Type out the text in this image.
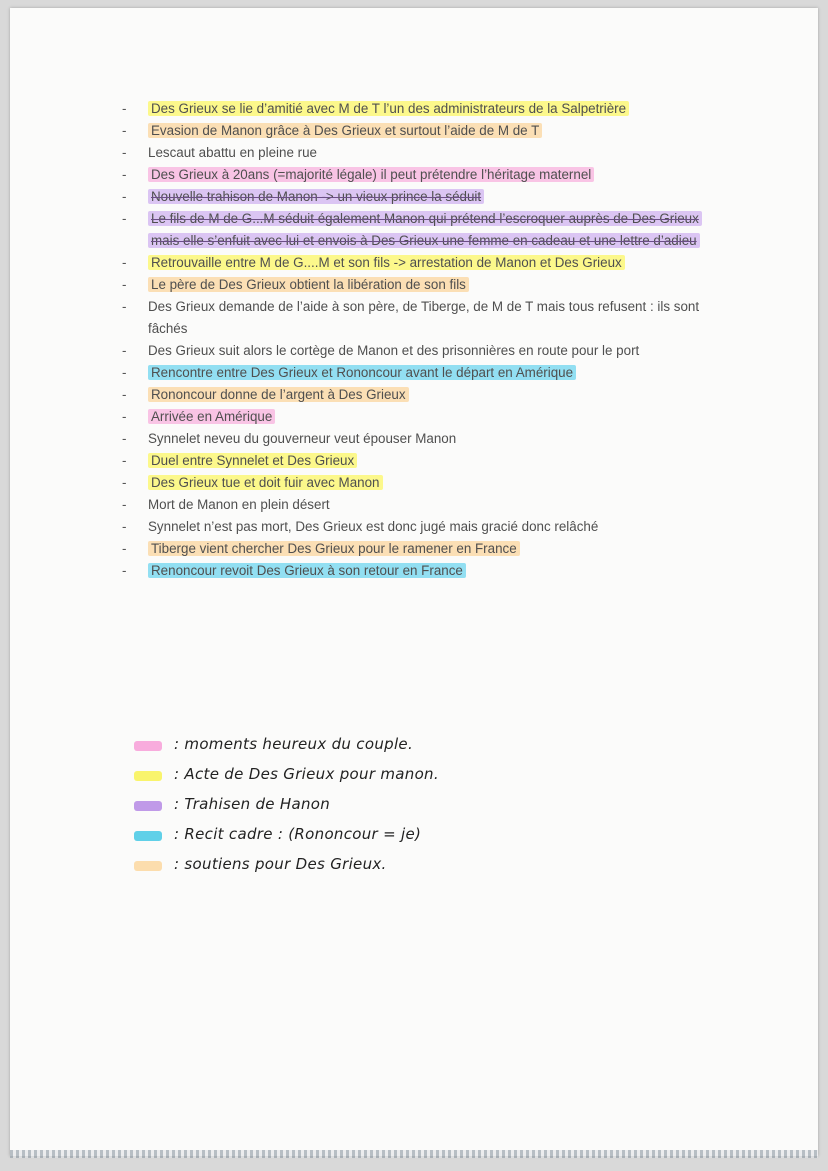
- Des Grieux se lie d’amitié avec M de T l’un des administrateurs de la Salpetrière
- Evasion de Manon grâce à Des Grieux et surtout l’aide de M de T
- Lescaut abattu en pleine rue
- Des Grieux à 20ans (=majorité légale) il peut prétendre l’héritage maternel
- Nouvelle trahison de Manon -> un vieux prince la séduit
- Le fils de M de G...M séduit également Manon qui prétend l’escroquer auprès de Des Grieux mais elle s’enfuit avec lui et envois à Des Grieux une femme en cadeau et une lettre d’adieu
- Retrouvaille entre M de G....M et son fils -> arrestation de Manon et Des Grieux
- Le père de Des Grieux obtient la libération de son fils
- Des Grieux demande de l’aide à son père, de Tiberge, de M de T mais tous refusent : ils sont fâchés
- Des Grieux suit alors le cortège de Manon et des prisonnières en route pour le port
- Rencontre entre Des Grieux et Rononcour avant le départ en Amérique
- Rononcour donne de l’argent à Des Grieux
- Arrivée en Amérique
- Synnelet neveu du gouverneur veut épouser Manon
- Duel entre Synnelet et Des Grieux
- Des Grieux tue et doit fuir avec Manon
- Mort de Manon en plein désert
- Synnelet n’est pas mort, Des Grieux est donc jugé mais gracié donc relâché
- Tiberge vient chercher Des Grieux pour le ramener en France
- Renoncour revoit Des Grieux à son retour en France
: moments heureux du couple.
: Acte de Des Grieux pour manon.
: Trahisen de Hanon
: Recit cadre : (Rononcour = je)
: soutiens pour Des Grieux.
